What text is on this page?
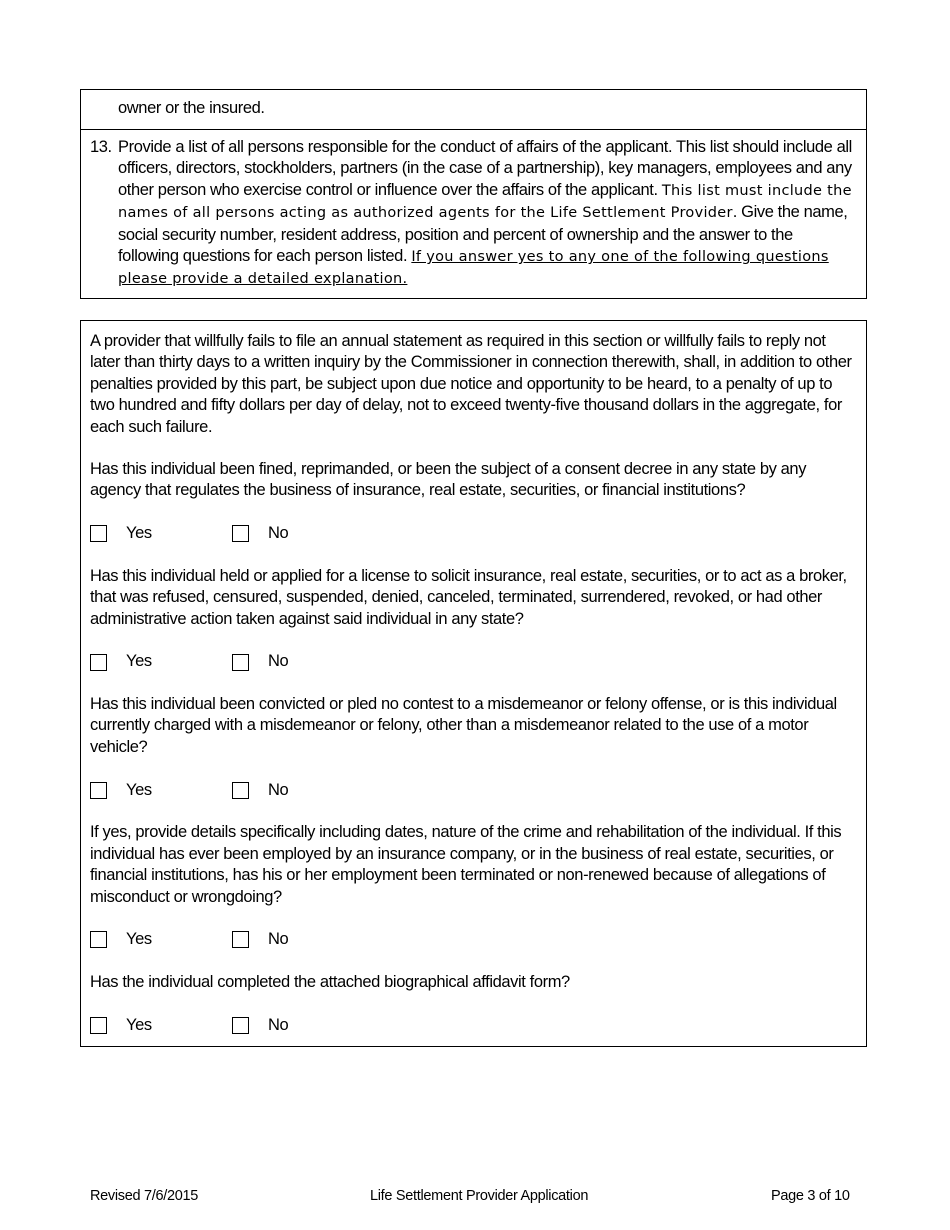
owner or the insured.
13. Provide a list of all persons responsible for the conduct of affairs of the applicant. This list should include all officers, directors, stockholders, partners (in the case of a partnership), key managers, employees and any other person who exercise control or influence over the affairs of the applicant. This list must include the names of all persons acting as authorized agents for the Life Settlement Provider. Give the name, social security number, resident address, position and percent of ownership and the answer to the following questions for each person listed. If you answer yes to any one of the following questions please provide a detailed explanation.

A provider that willfully fails to file an annual statement as required in this section or willfully fails to reply not later than thirty days to a written inquiry by the Commissioner in connection therewith, shall, in addition to other penalties provided by this part, be subject upon due notice and opportunity to be heard, to a penalty of up to two hundred and fifty dollars per day of delay, not to exceed twenty-five thousand dollars in the aggregate, for each such failure.

Has this individual been fined, reprimanded, or been the subject of a consent decree in any state by any agency that regulates the business of insurance, real estate, securities, or financial institutions?

Yes	No

Has this individual held or applied for a license to solicit insurance, real estate, securities, or to act as a broker, that was refused, censured, suspended, denied, canceled, terminated, surrendered, revoked, or had other administrative action taken against said individual in any state?

Yes	No

Has this individual been convicted or pled no contest to a misdemeanor or felony offense, or is this individual currently charged with a misdemeanor or felony, other than a misdemeanor related to the use of a motor vehicle?

Yes	No

If yes, provide details specifically including dates, nature of the crime and rehabilitation of the individual. If this individual has ever been employed by an insurance company, or in the business of real estate, securities, or financial institutions, has his or her employment been terminated or non-renewed because of allegations of misconduct or wrongdoing?

Yes	No

Has the individual completed the attached biographical affidavit form?

Yes	No
Revised 7/6/2015	Life Settlement Provider Application	Page 3 of 10
